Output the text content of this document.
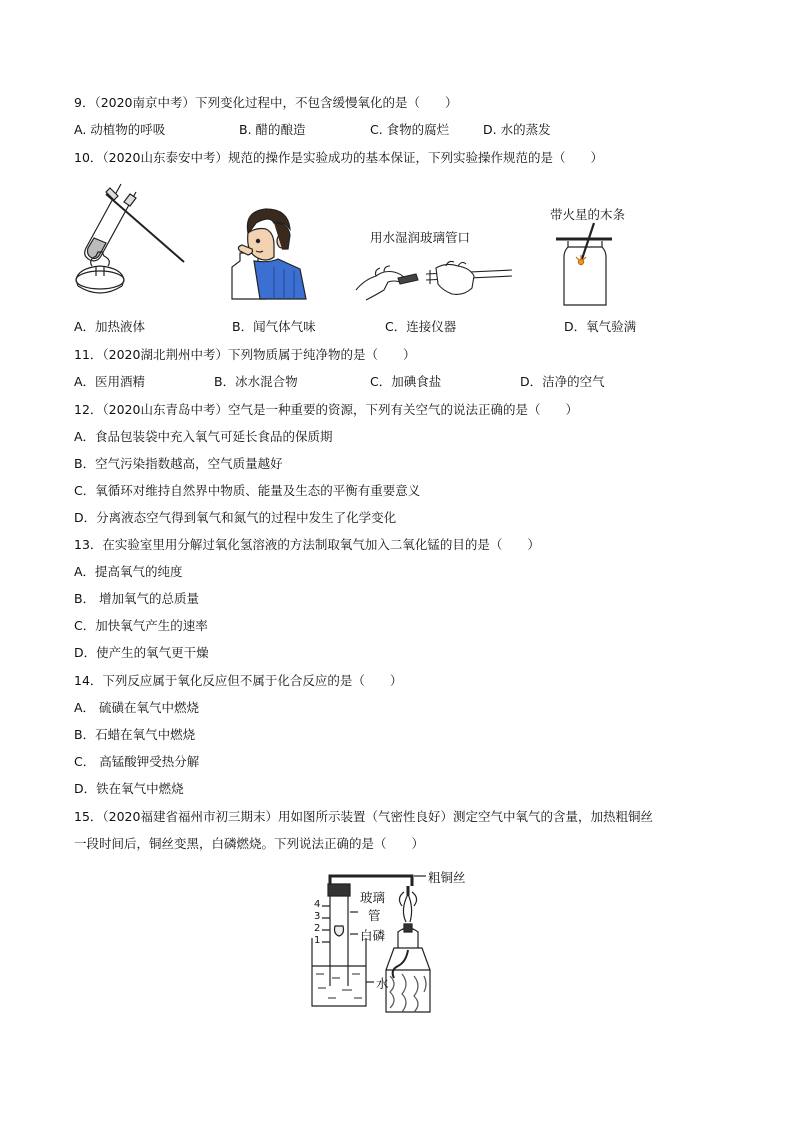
9．（2020南京中考）下列变化过程中，不包含缓慢氧化的是（　　）
A. 动植物的呼吸	B. 醋的酿造	C. 食物的腐烂	D. 水的蒸发
10．（2020山东泰安中考）规范的操作是实验成功的基本保证，下列实验操作规范的是（　　）
用水湿润玻璃管口
带火星的木条
A．加热液体	B．闻气体气味	C．连接仪器	D．氧气验满
11．（2020湖北荆州中考）下列物质属于纯净物的是（　　）
A．医用酒精	B．冰水混合物	C．加碘食盐	D．洁净的空气
12．（2020山东青岛中考）空气是一种重要的资源，下列有关空气的说法正确的是（　　）
A．食品包装袋中充入氧气可延长食品的保质期
B．空气污染指数越高，空气质量越好
C．氧循环对维持自然界中物质、能量及生态的平衡有重要意义
D．分离液态空气得到氧气和氮气的过程中发生了化学变化
13．在实验室里用分解过氧化氢溶液的方法制取氧气加入二氧化锰的目的是（　　）
A．提高氧气的纯度
B． 增加氧气的总质量
C．加快氧气产生的速率
D．使产生的氧气更干燥
14．下列反应属于氧化反应但不属于化合反应的是（　　）
A． 硫磺在氧气中燃烧
B．石蜡在氧气中燃烧
C． 高锰酸钾受热分解
D．铁在氧气中燃烧
15．（2020福建省福州市初三期末）用如图所示装置（气密性良好）测定空气中氧气的含量，加热粗铜丝
一段时间后，铜丝变黑，白磷燃烧。下列说法正确的是（　　）
粗铜丝
玻璃
管
白磷
水
4
3
2
1
